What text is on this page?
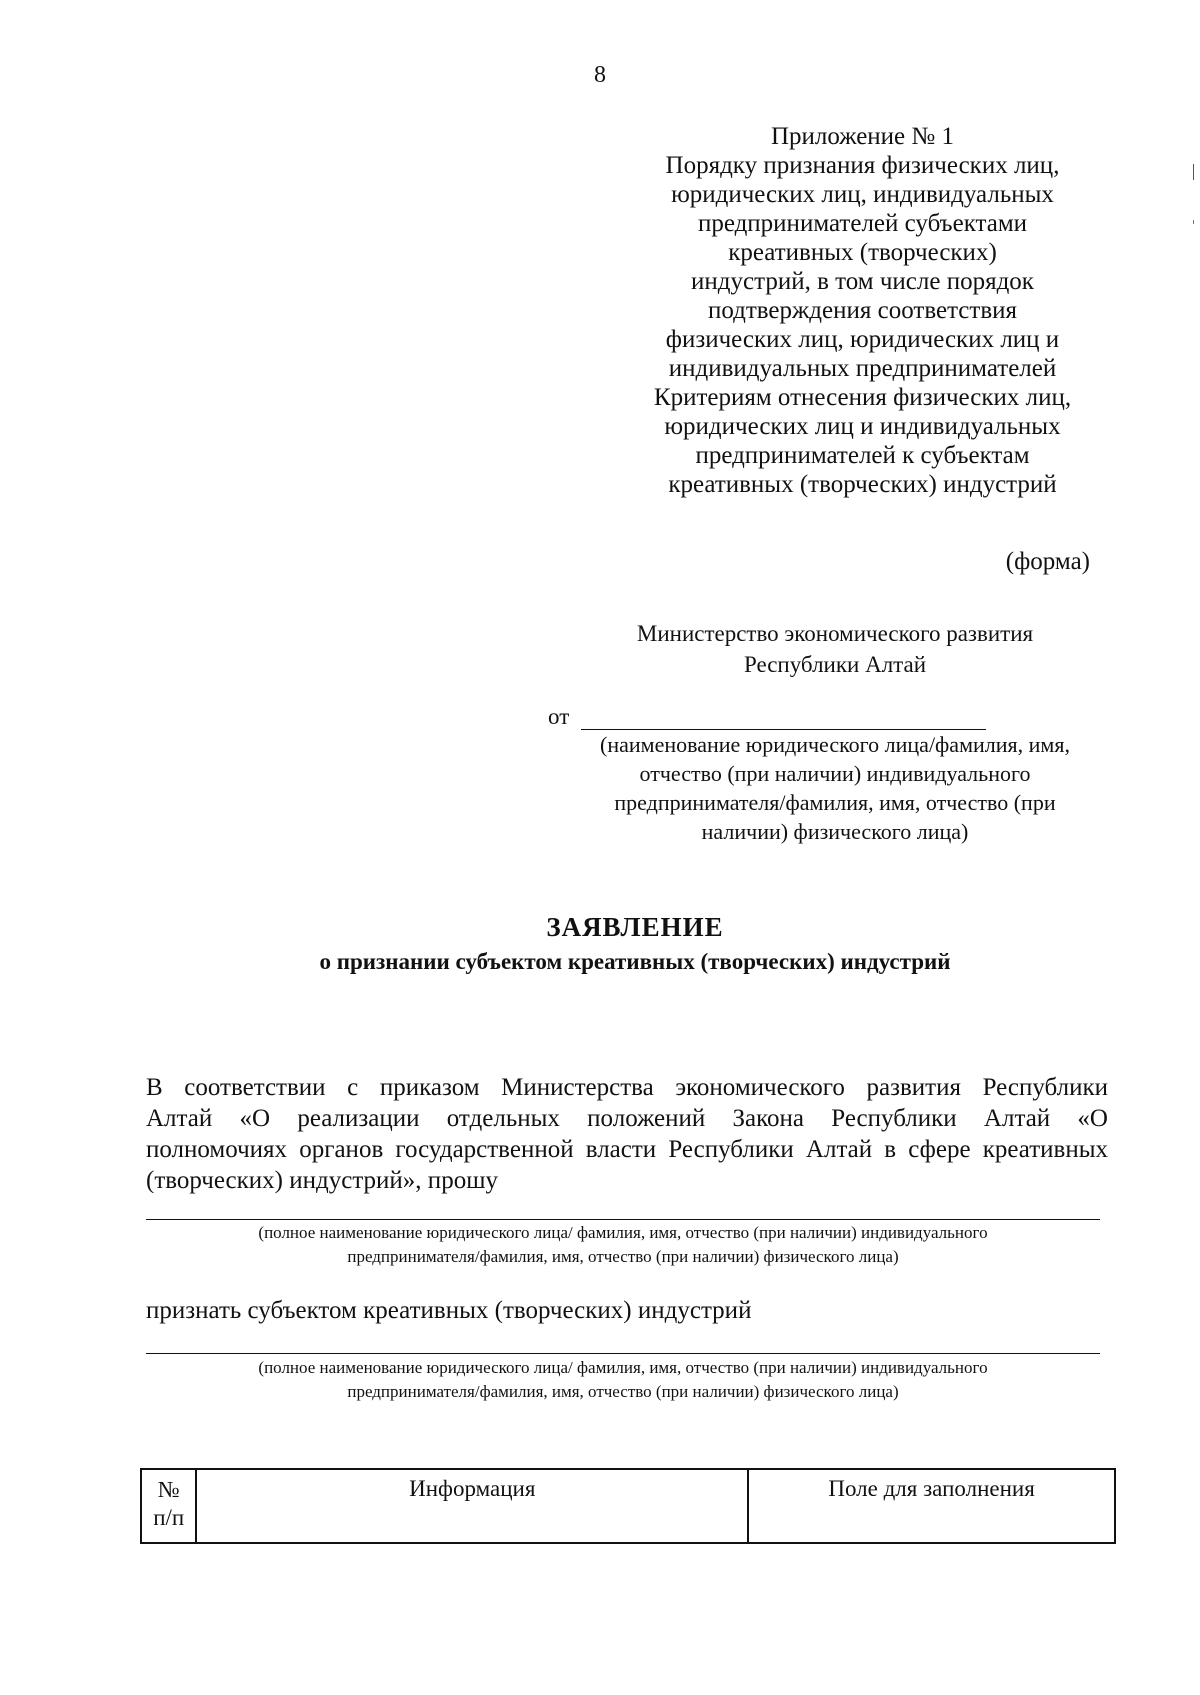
8
Приложение № 1
Порядку признания физических лиц,
юридических лиц, индивидуальных
предпринимателей субъектами
креативных (творческих)
индустрий, в том числе порядок
подтверждения соответствия
физических лиц, юридических лиц и
индивидуальных предпринимателей
Критериям отнесения физических лиц,
юридических лиц и индивидуальных
предпринимателей к субъектам
креативных (творческих) индустрий
(форма)
Министерство экономического развития
Республики Алтай
от
(наименование юридического лица/фамилия, имя,
отчество (при наличии) индивидуального
предпринимателя/фамилия, имя, отчество (при
наличии) физического лица)
ЗАЯВЛЕНИЕ
о признании субъектом креативных (творческих) индустрий
В соответствии с приказом Министерства экономического развития Республики
Алтай «О реализации отдельных положений Закона Республики Алтай «О
полномочиях органов государственной власти Республики Алтай в сфере креативных
(творческих) индустрий», прошу
(полное наименование юридического лица/ фамилия, имя, отчество (при наличии) индивидуального
предпринимателя/фамилия, имя, отчество (при наличии) физического лица)
признать субъектом креативных (творческих) индустрий
(полное наименование юридического лица/ фамилия, имя, отчество (при наличии) индивидуального
предпринимателя/фамилия, имя, отчество (при наличии) физического лица)
№
п/п
	Информация	Поле для заполнения
